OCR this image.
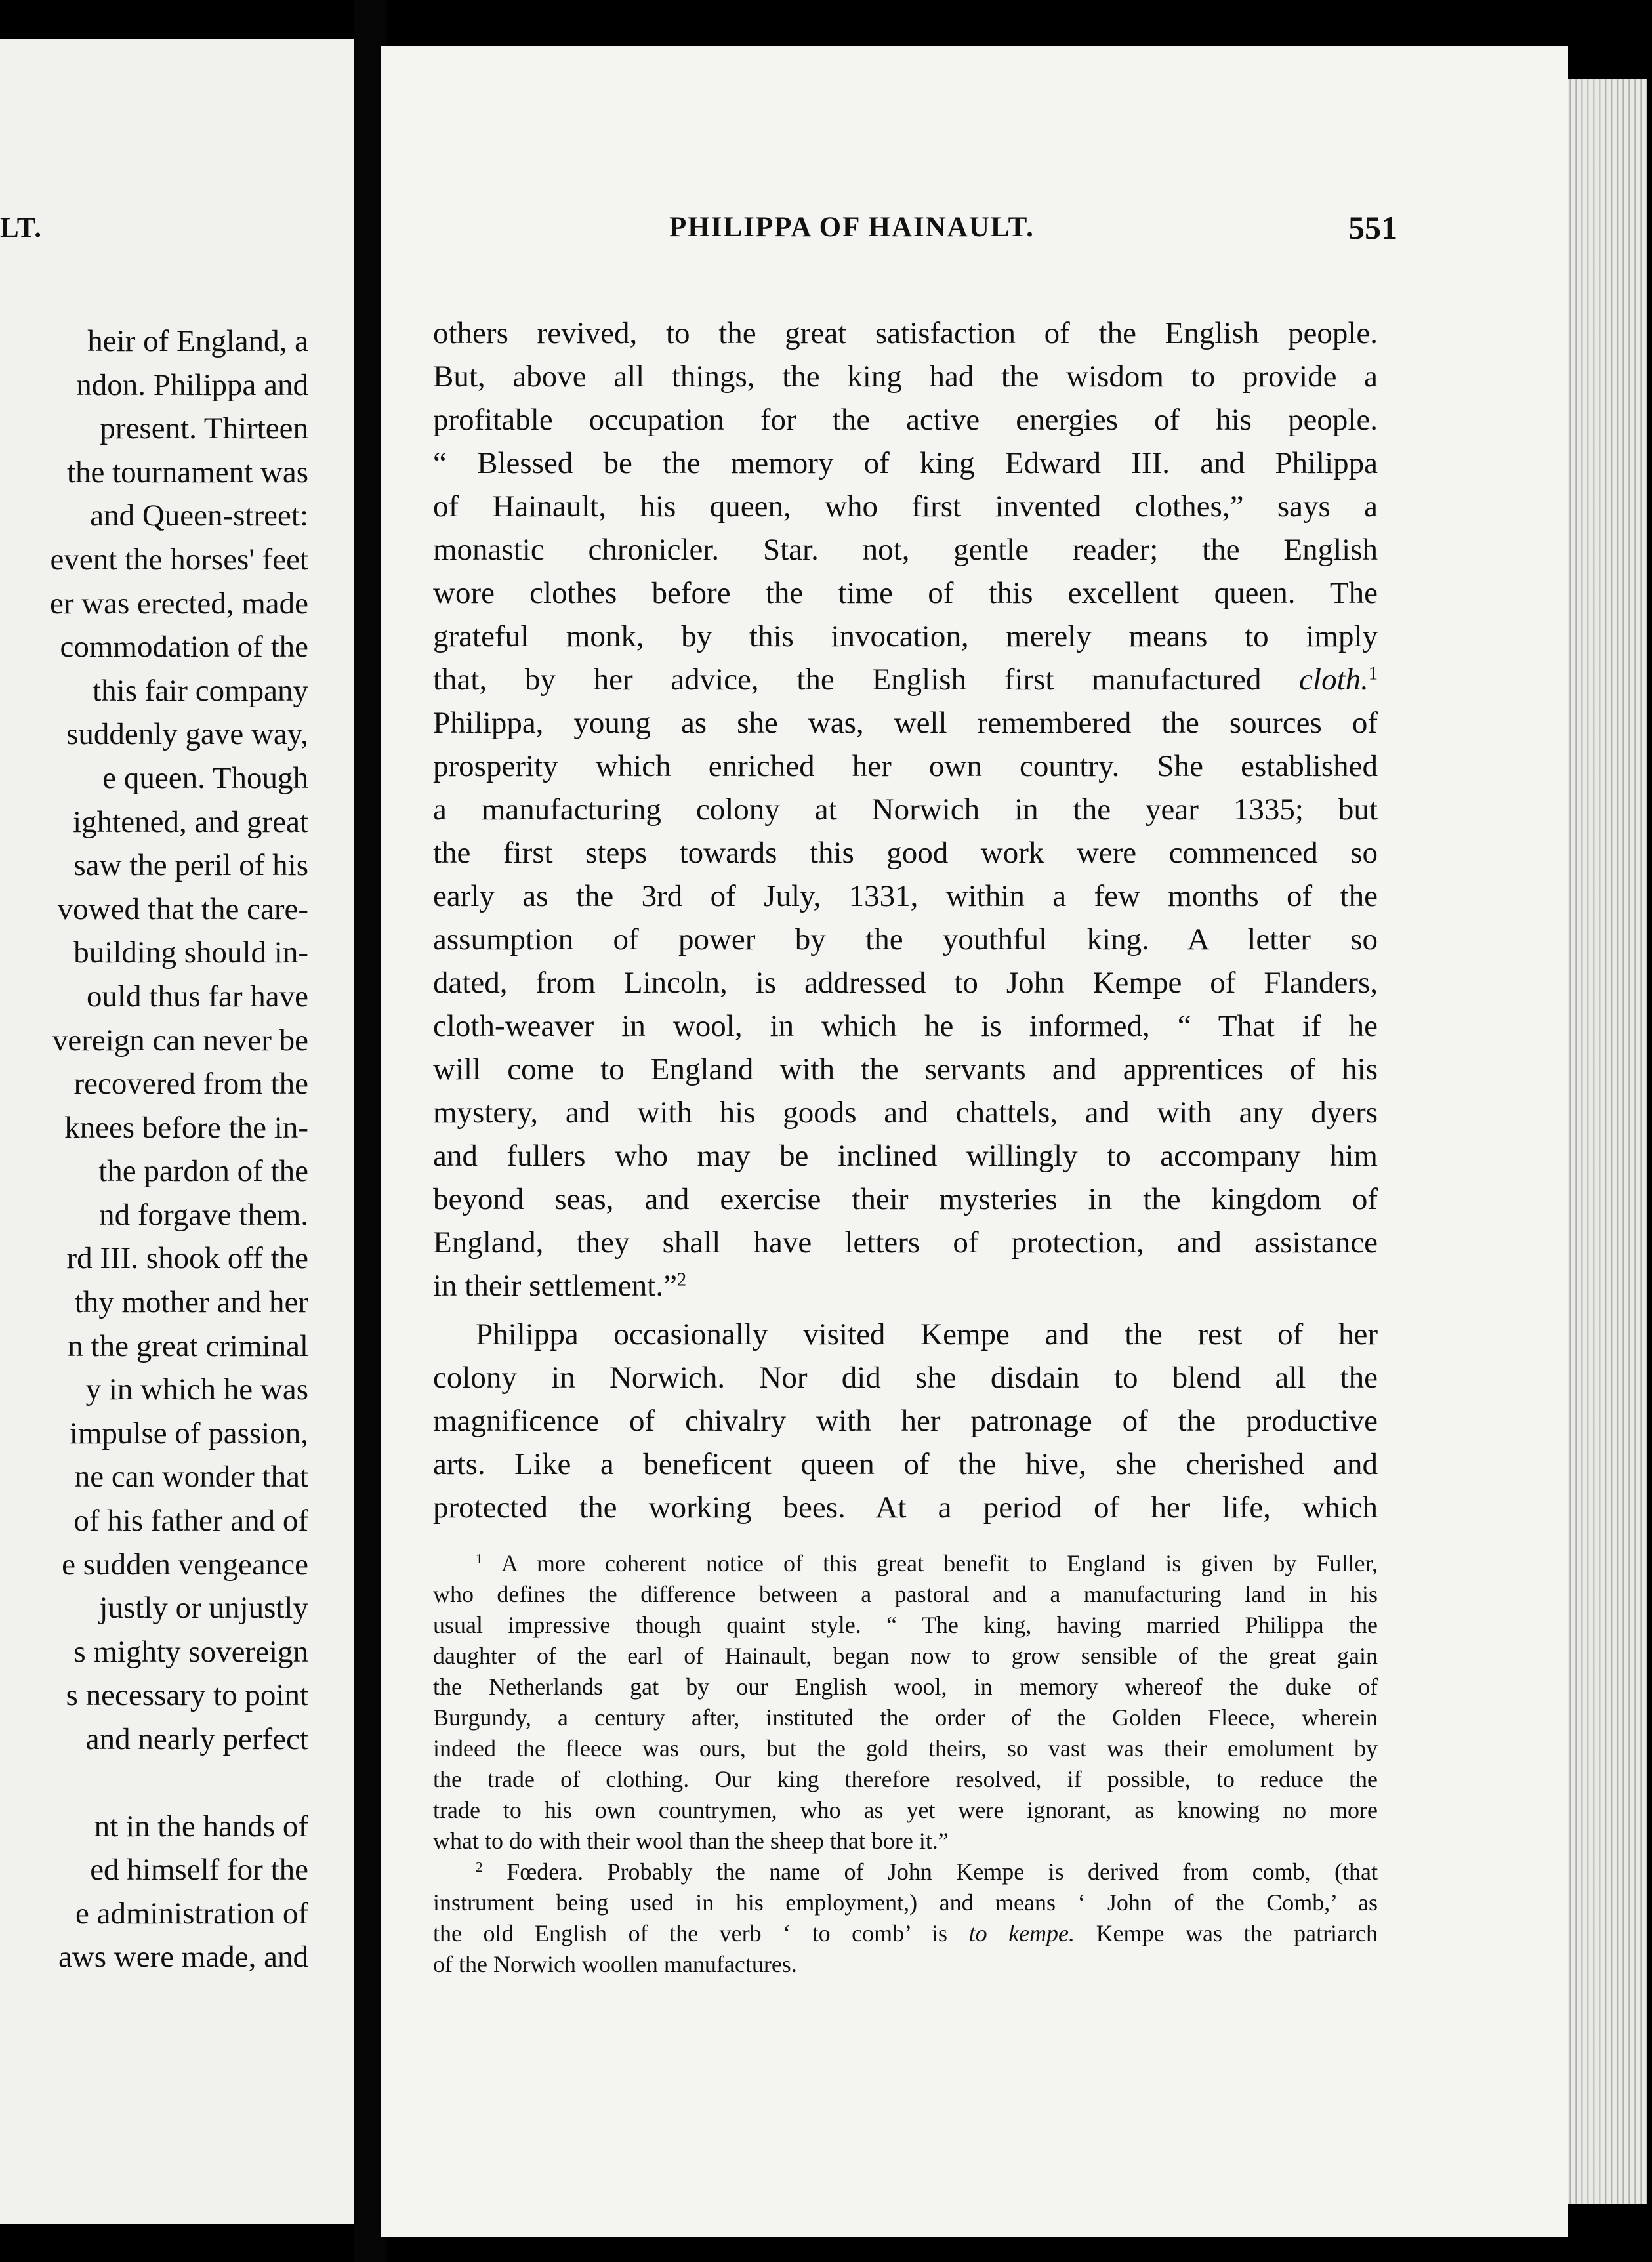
LT.
heir of England, a
ndon. Philippa and
present. Thirteen
the tournament was
and Queen-street:
event the horses' feet
er was erected, made
commodation of the
this fair company
suddenly gave way,
e queen. Though
ightened, and great
saw the peril of his
vowed that the care-
building should in-
ould thus far have
vereign can never be
recovered from the
knees before the in-
the pardon of the
nd forgave them.
rd III. shook off the
thy mother and her
n the great criminal
y in which he was
impulse of passion,
ne can wonder that
of his father and of
e sudden vengeance
justly or unjustly
s mighty sovereign
s necessary to point
and nearly perfect
nt in the hands of
ed himself for the
e administration of
aws were made, and
PHILIPPA OF HAINAULT.	551
others revived, to the great satisfaction of the English people.
But, above all things, the king had the wisdom to provide a
profitable occupation for the active energies of his people.
“ Blessed be the memory of king Edward III. and Philippa
of Hainault, his queen, who first invented clothes,” says a
monastic chronicler. Star. not, gentle reader; the English
wore clothes before the time of this excellent queen. The
grateful monk, by this invocation, merely means to imply
that, by her advice, the English first manufactured cloth.$^1$
Philippa, young as she was, well remembered the sources of
prosperity which enriched her own country. She established
a manufacturing colony at Norwich in the year 1335; but
the first steps towards this good work were commenced so
early as the 3rd of July, 1331, within a few months of the
assumption of power by the youthful king. A letter so
dated, from Lincoln, is addressed to John Kempe of Flanders,
cloth-weaver in wool, in which he is informed, “ That if he
will come to England with the servants and apprentices of his
mystery, and with his goods and chattels, and with any dyers
and fullers who may be inclined willingly to accompany him
beyond seas, and exercise their mysteries in the kingdom of
England, they shall have letters of protection, and assistance
in their settlement.”$^2$
Philippa occasionally visited Kempe and the rest of her
colony in Norwich. Nor did she disdain to blend all the
magnificence of chivalry with her patronage of the productive
arts. Like a beneficent queen of the hive, she cherished and
protected the working bees. At a period of her life, which
$^1$ A more coherent notice of this great benefit to England is given by Fuller,
who defines the difference between a pastoral and a manufacturing land in his
usual impressive though quaint style. “ The king, having married Philippa the
daughter of the earl of Hainault, began now to grow sensible of the great gain
the Netherlands gat by our English wool, in memory whereof the duke of
Burgundy, a century after, instituted the order of the Golden Fleece, wherein
indeed the fleece was ours, but the gold theirs, so vast was their emolument by
the trade of clothing. Our king therefore resolved, if possible, to reduce the
trade to his own countrymen, who as yet were ignorant, as knowing no more
what to do with their wool than the sheep that bore it.”
$^2$ Fœdera. Probably the name of John Kempe is derived from comb, (that
instrument being used in his employment,) and means ‘ John of the Comb,’ as
the old English of the verb ‘ to comb’ is to kempe. Kempe was the patriarch
of the Norwich woollen manufactures.
